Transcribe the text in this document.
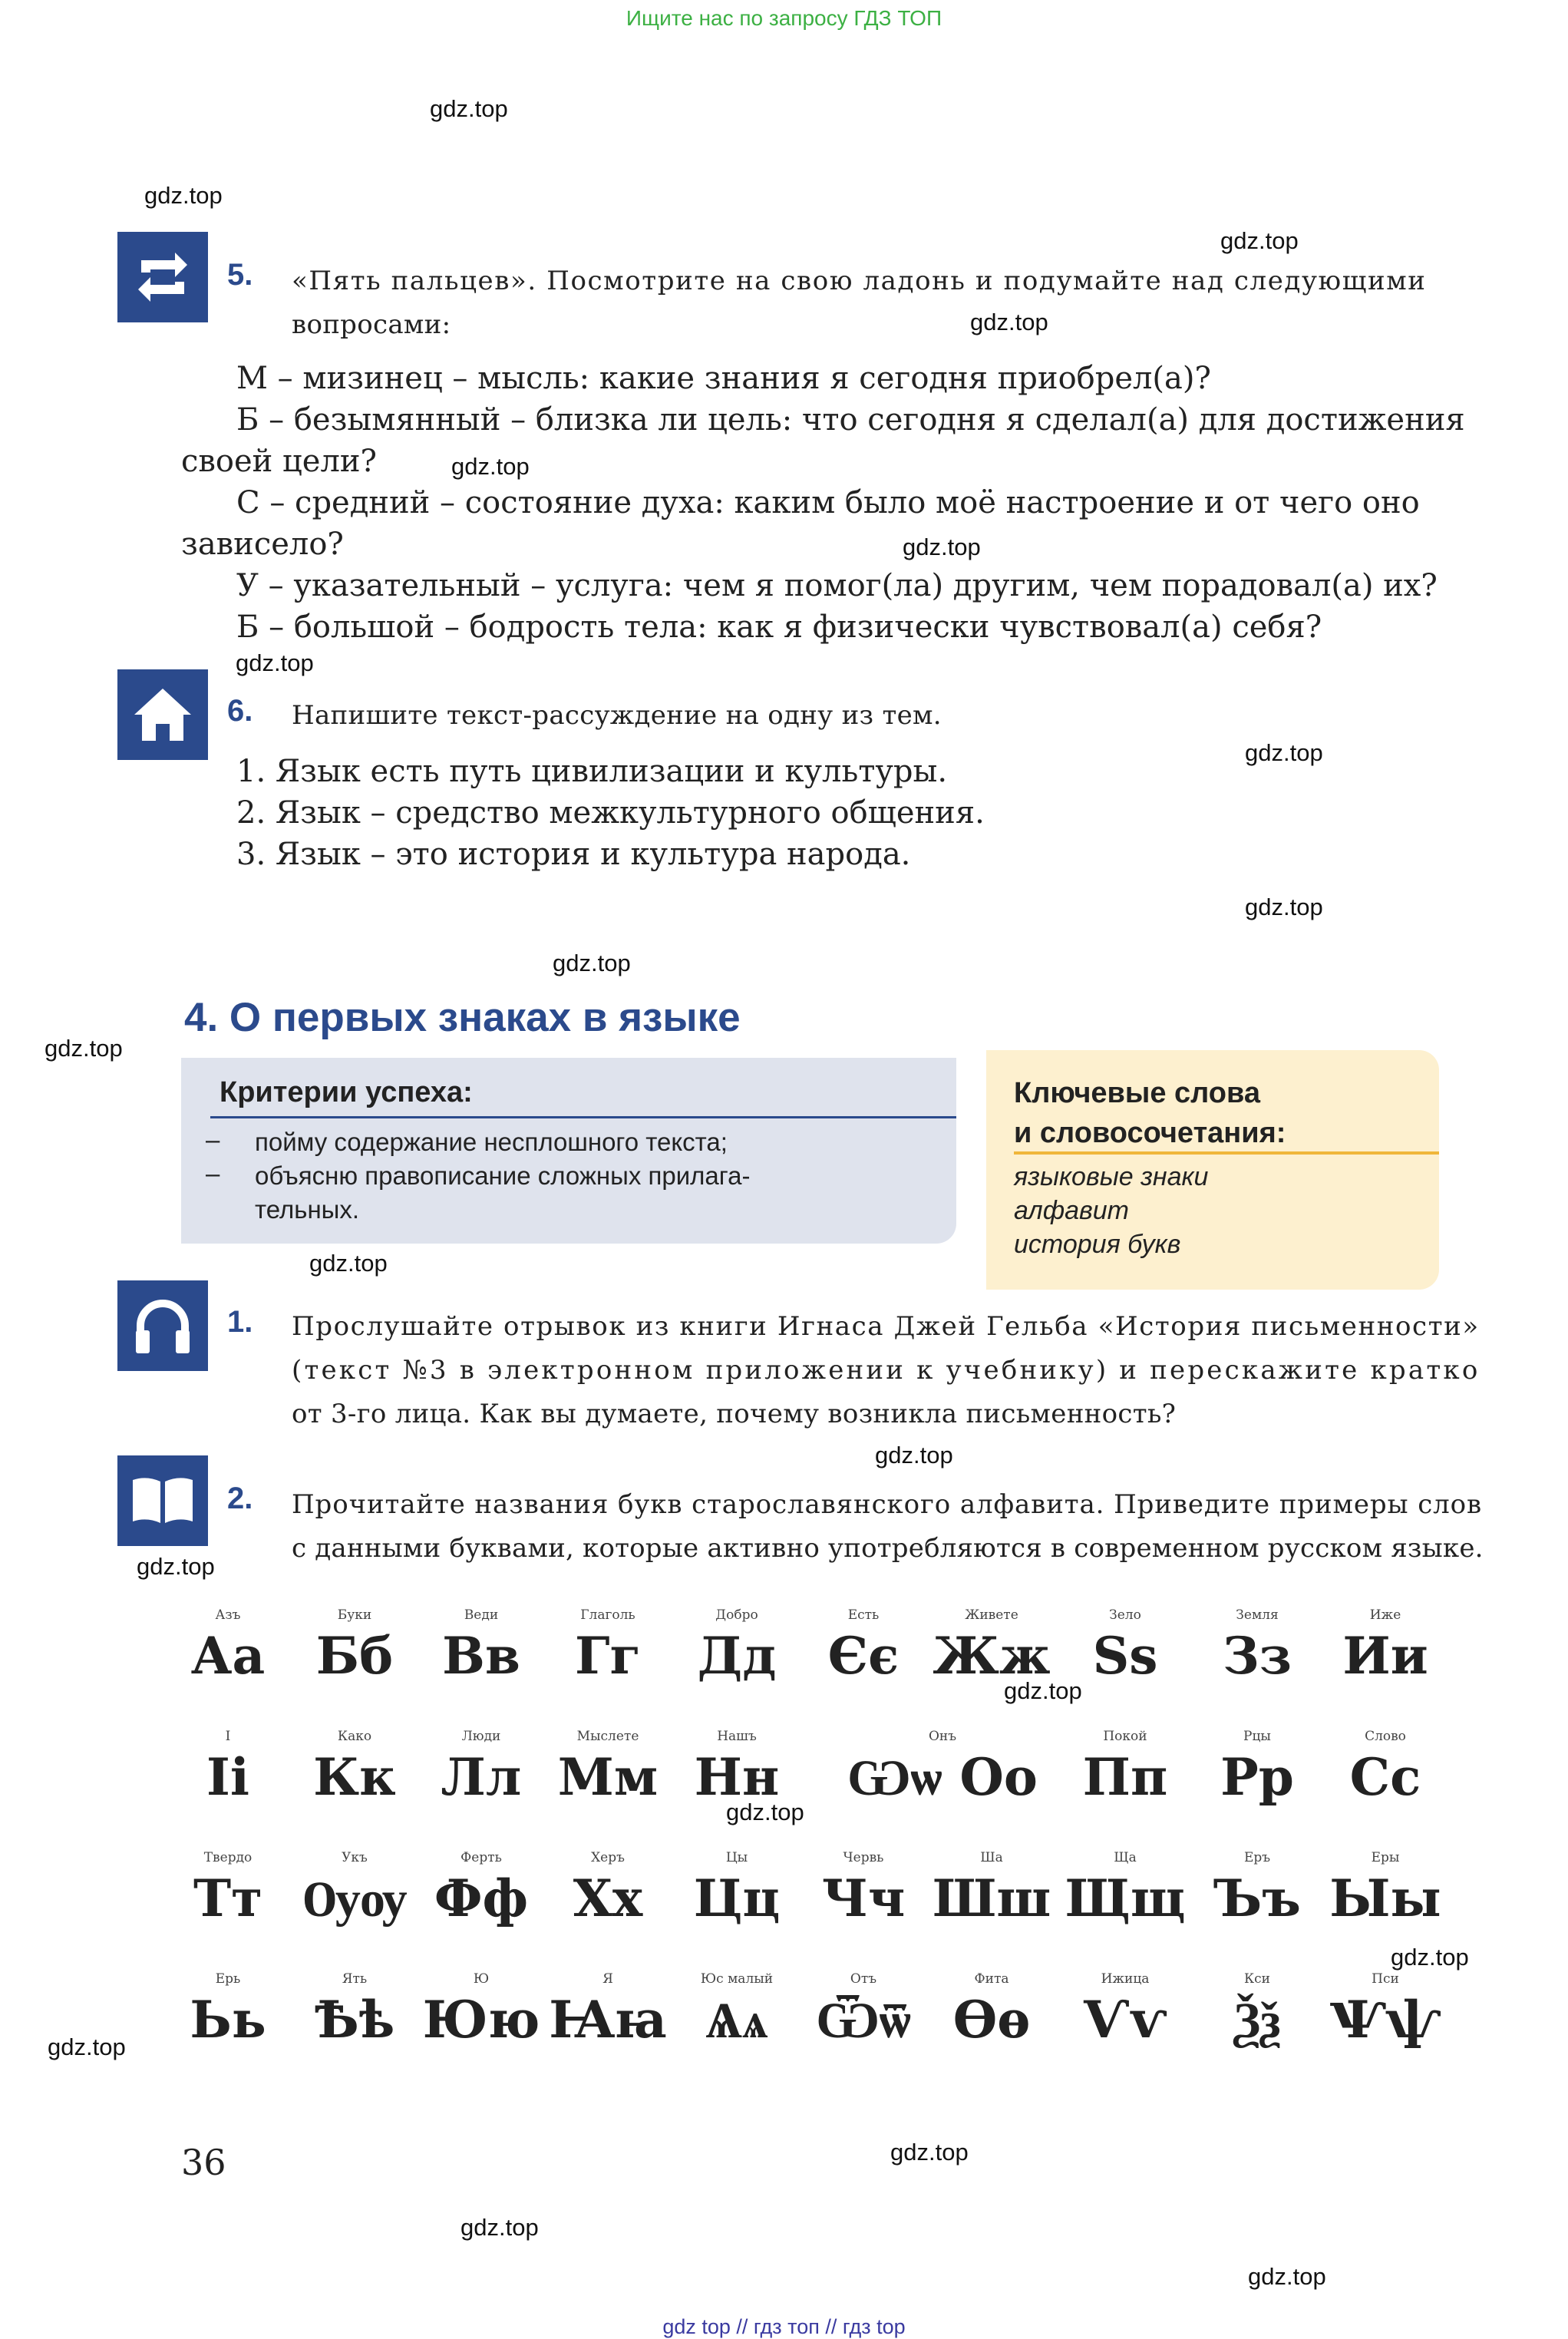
Ищите нас по запросу ГДЗ ТОП
gdz.top
gdz.top
gdz.top
gdz.top
gdz.top
gdz.top
gdz.top
gdz.top
gdz.top
gdz.top
gdz.top
gdz.top
gdz.top
gdz.top
gdz.top
gdz.top
gdz.top
gdz.top
gdz.top
gdz.top
gdz.top
5. «Пять пальцев». Посмотрите на свою ладонь и подумайте над следующими
вопросами:
М – мизинец – мысль: какие знания я сегодня приобрел(а)?
Б – безымянный – близка ли цель: что сегодня я сделал(а) для достижения
своей цели?
С – средний – состояние духа: каким было моё настроение и от чего оно
зависело?
У – указательный – услуга: чем я помог(ла) другим, чем порадовал(а) их?
Б – большой – бодрость тела: как я физически чувствовал(а) себя?
6. Напишите текст-рассуждение на одну из тем.
1. Язык есть путь цивилизации и культуры.
2. Язык – средство межкультурного общения.
3. Язык – это история и культура народа.
4. О первых знаках в языке
Критерии успеха:
– пойму содержание несплошного текста;
– объясню правописание сложных прилага-
тельных.
Ключевые слова
и словосочетания:
языковые знаки
алфавит
история букв
1. Прослушайте отрывок из книги Игнаса Джей Гельба «История письменности»
(текст №3 в электронном приложении к учебнику) и перескажите кратко
от 3-го лица. Как вы думаете, почему возникла письменность?
2. Прочитайте названия букв старославянского алфавита. Приведите примеры слов
с данными буквами, которые активно употребляются в современном русском языке.
Азъ
Аа
Буки
Бб
Веди
Вв
Глаголь
Гг
Добро
Дд
Есть
Єє
Живете
Жж
Зело
Ѕѕ
Земля
Зз
Иже
Ии
І
Іі
Како
Кк
Люди
Лл
Мыслете
Мм
Нашъ
Нн
Онъ
Ѡѡ Оо
Покой
Пп
Рцы
Рр
Слово
Сс
Твердо
Тт
Укъ
Ѹѹ
Ферть
Фф
Херъ
Хх
Цы
Цц
Червь
Чч
Ша
Шш
Ща
Щщ
Еръ
Ъъ
Еры
Ыы
Ерь
Ьь
Ять
Ѣѣ
Ю
Юю
Я
Ꙗꙗ
Юс малый
Ѧѧ
Отъ
Ѿѿ
Фита
Ѳѳ
Ижица
Ѵѵ
Кси
Ѯѯ
Пси
Ѱѱ
36
gdz top // гдз топ // гдз top
